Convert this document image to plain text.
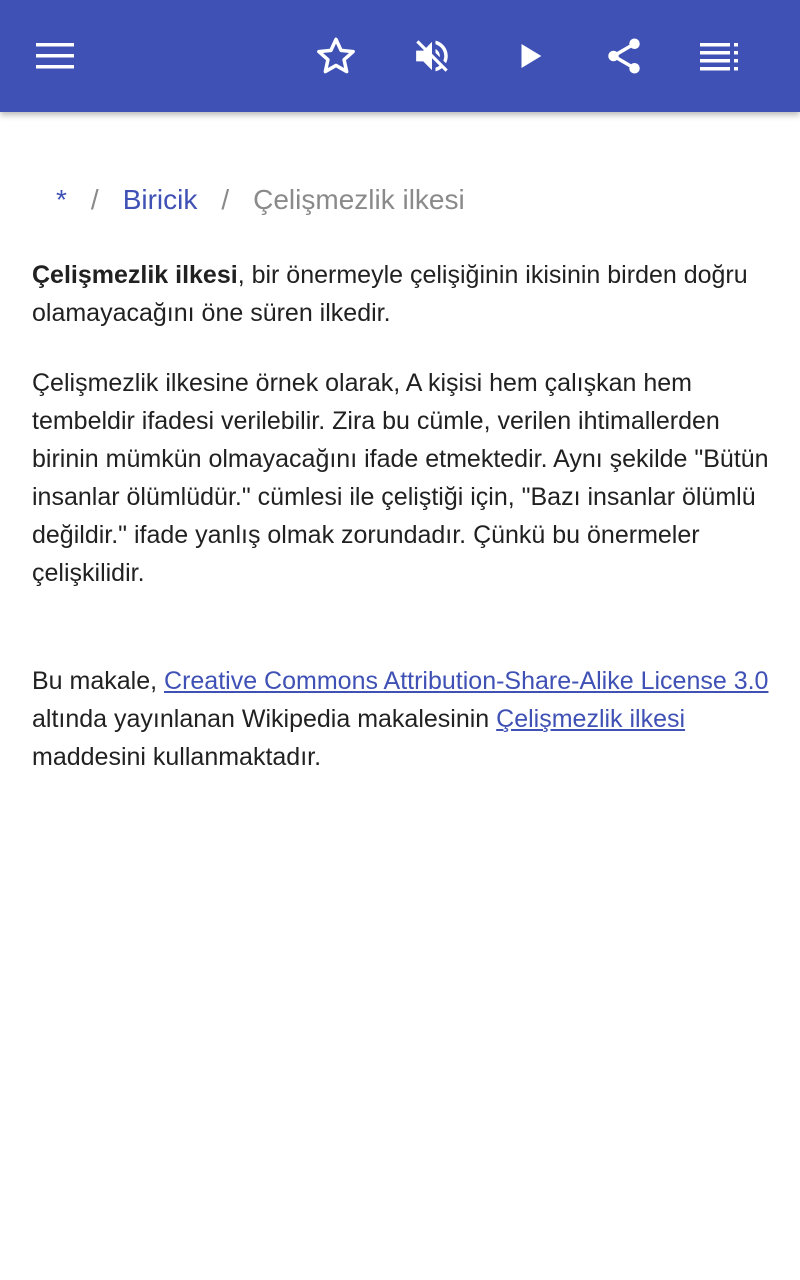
* / Biricik / Çelişmezlik ilkesi

Çelişmezlik ilkesi, bir önermeyle çelişiğinin ikisinin birden doğru olamayacağını öne süren ilkedir.

Çelişmezlik ilkesine örnek olarak, A kişisi hem çalışkan hem tembeldir ifadesi verilebilir. Zira bu cümle, verilen ihtimallerden birinin mümkün olmayacağını ifade etmektedir. Aynı şekilde "Bütün insanlar ölümlüdür." cümlesi ile çeliştiği için, "Bazı insanlar ölümlü değildir." ifade yanlış olmak zorundadır. Çünkü bu önermeler çelişkilidir.

Bu makale, Creative Commons Attribution-Share-Alike License 3.0 altında yayınlanan Wikipedia makalesinin Çelişmezlik ilkesi maddesini kullanmaktadır.
